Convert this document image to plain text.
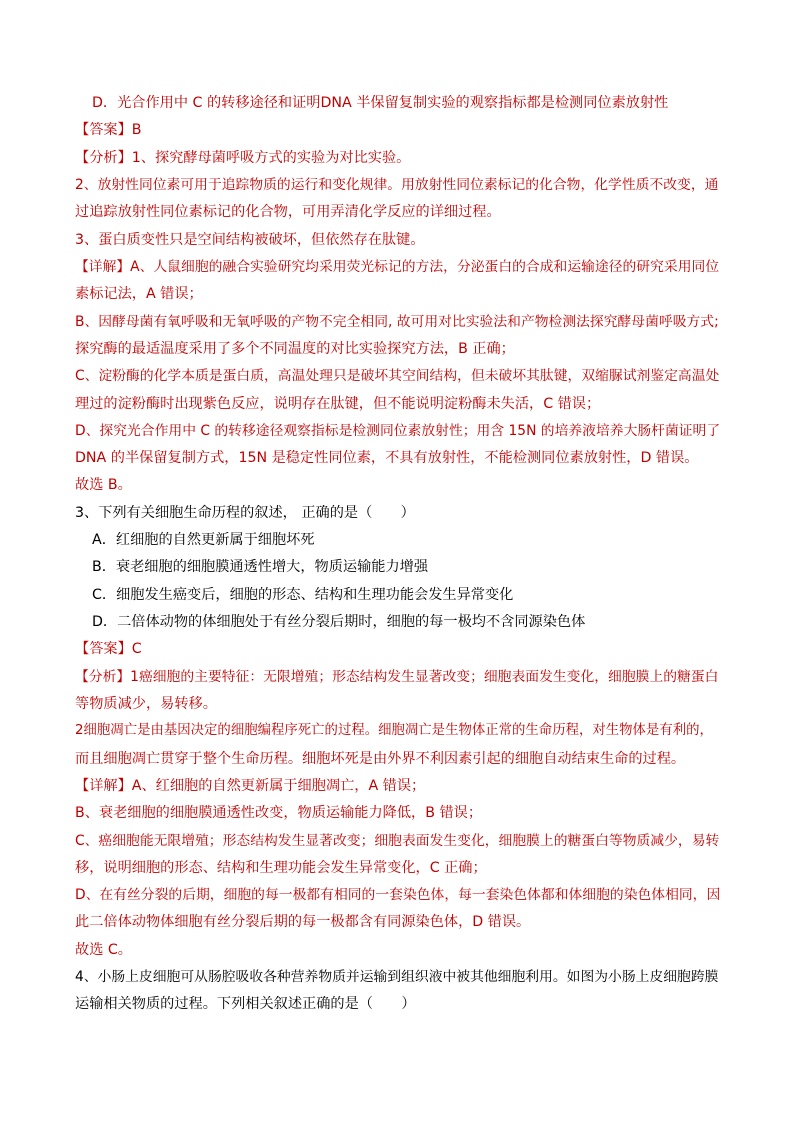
D．光合作用中 C 的转移途径和证明DNA 半保留复制实验的观察指标都是检测同位素放射性
【答案】B
【分析】1、探究酵母菌呼吸方式的实验为对比实验。
2、放射性同位素可用于追踪物质的运行和变化规律。用放射性同位素标记的化合物，化学性质不改变，通
过追踪放射性同位素标记的化合物，可用弄清化学反应的详细过程。
3、蛋白质变性只是空间结构被破坏，但依然存在肽键。
【详解】A、人鼠细胞的融合实验研究均采用荧光标记的方法，分泌蛋白的合成和运输途径的研究采用同位
素标记法，A 错误；
B、因酵母菌有氧呼吸和无氧呼吸的产物不完全相同, 故可用对比实验法和产物检测法探究酵母菌呼吸方式;
探究酶的最适温度采用了多个不同温度的对比实验探究方法，B 正确；
C、淀粉酶的化学本质是蛋白质，高温处理只是破坏其空间结构，但未破坏其肽键，双缩脲试剂鉴定高温处
理过的淀粉酶时出现紫色反应，说明存在肽键，但不能说明淀粉酶未失活，C 错误；
D、探究光合作用中 C 的转移途径观察指标是检测同位素放射性；用含 15N 的培养液培养大肠杆菌证明了
DNA 的半保留复制方式，15N 是稳定性同位素，不具有放射性，不能检测同位素放射性，D 错误。
故选 B。
3、下列有关细胞生命历程的叙述， 正确的是（　　）
A．红细胞的自然更新属于细胞坏死
B．衰老细胞的细胞膜通透性增大，物质运输能力增强
C．细胞发生癌变后，细胞的形态、结构和生理功能会发生异常变化
D．二倍体动物的体细胞处于有丝分裂后期时，细胞的每一极均不含同源染色体
【答案】C
【分析】1癌细胞的主要特征：无限增殖；形态结构发生显著改变；细胞表面发生变化，细胞膜上的糖蛋白
等物质减少，易转移。
2细胞凋亡是由基因决定的细胞编程序死亡的过程。细胞凋亡是生物体正常的生命历程，对生物体是有利的，
而且细胞凋亡贯穿于整个生命历程。细胞坏死是由外界不利因素引起的细胞自动结束生命的过程。
【详解】A、红细胞的自然更新属于细胞凋亡，A 错误；
B、衰老细胞的细胞膜通透性改变，物质运输能力降低，B 错误；
C、癌细胞能无限增殖；形态结构发生显著改变；细胞表面发生变化，细胞膜上的糖蛋白等物质减少，易转
移，说明细胞的形态、结构和生理功能会发生异常变化，C 正确；
D、在有丝分裂的后期，细胞的每一极都有相同的一套染色体，每一套染色体都和体细胞的染色体相同，因
此二倍体动物体细胞有丝分裂后期的每一极都含有同源染色体，D 错误。
故选 C。
4、小肠上皮细胞可从肠腔吸收各种营养物质并运输到组织液中被其他细胞利用。如图为小肠上皮细胞跨膜
运输相关物质的过程。下列相关叙述正确的是（　　）
